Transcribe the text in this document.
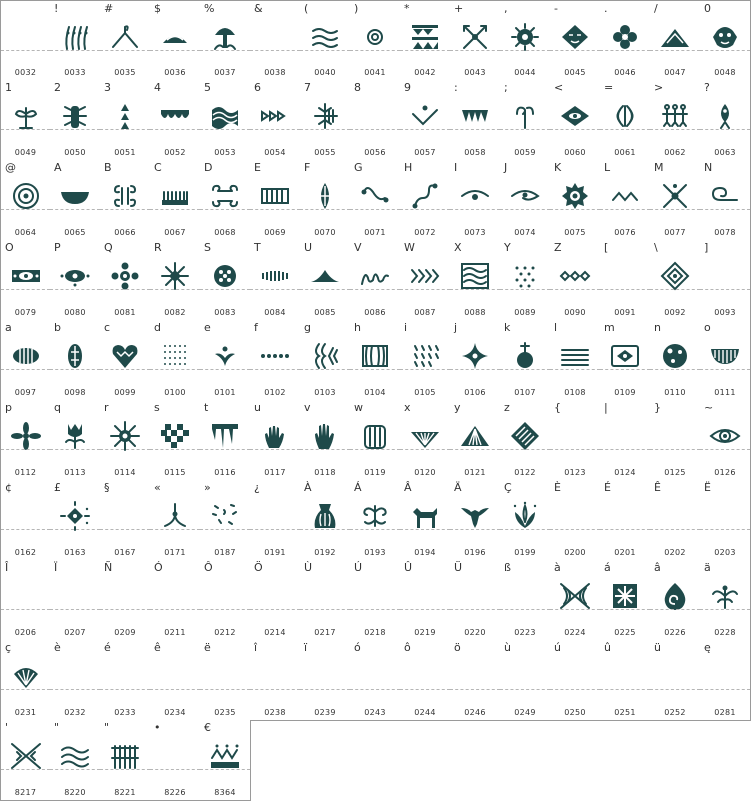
0032
!
0033
#
0035
$
0036
%
0037
&
0038
(
0040
)
0041
*
0042
+
0043
,
0044
-
0045
.
0046
/
0047
0
0048
1
0049
2
0050
3
0051
4
0052
5
0053
6
0054
7
0055
8
0056
9
0057
:
0058
;
0059
<
0060
=
0061
>
0062
?
0063
@
0064
A
0065
B
0066
C
0067
D
0068
E
0069
F
0070
G
0071
H
0072
I
0073
J
0074
K
0075
L
0076
M
0077
N
0078
O
0079
P
0080
Q
0081
R
0082
S
0083
T
0084
U
0085
V
0086
W
0087
X
0088
Y
0089
Z
0090
[
0091
\
0092
]
0093
a
0097
b
0098
c
0099
d
0100
e
0101
f
0102
g
0103
h
0104
i
0105
j
0106
k
0107
l
0108
m
0109
n
0110
o
0111
p
0112
q
0113
r
0114
s
0115
t
0116
u
0117
v
0118
w
0119
x
0120
y
0121
z
0122
{
0123
|
0124
}
0125
~
0126
¢
0162
£
0163
§
0167
«
0171
»
0187
¿
0191
À
0192
Á
0193
Â
0194
Ä
0196
Ç
0199
È
0200
É
0201
Ê
0202
Ë
0203
Î
0206
Ï
0207
Ñ
0209
Ó
0211
Ô
0212
Ö
0214
Ù
0217
Ú
0218
Û
0219
Ü
0220
ß
0223
à
0224
á
0225
â
0226
ä
0228
ç
0231
è
0232
é
0233
ê
0234
ë
0235
î
0238
ï
0239
ó
0243
ô
0244
ö
0246
ù
0249
ú
0250
û
0251
ü
0252
ę
0281
'
8217
"
8220
"
8221
•
8226
€
8364
